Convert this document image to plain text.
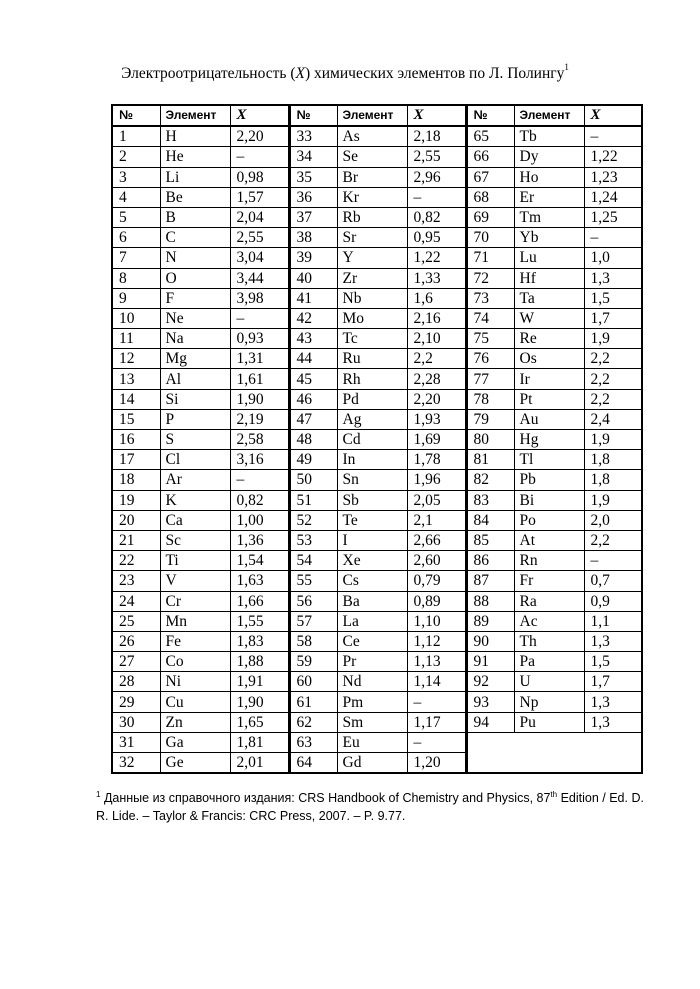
Электроотрицательность (X) химических элементов по Л. Полингу$^1$
№	Элемент	X	№	Элемент	X	№	Элемент	X
1	H	2,20	33	As	2,18	65	Tb	–
2	He	–	34	Se	2,55	66	Dy	1,22
3	Li	0,98	35	Br	2,96	67	Ho	1,23
4	Be	1,57	36	Kr	–	68	Er	1,24
5	B	2,04	37	Rb	0,82	69	Tm	1,25
6	C	2,55	38	Sr	0,95	70	Yb	–
7	N	3,04	39	Y	1,22	71	Lu	1,0
8	O	3,44	40	Zr	1,33	72	Hf	1,3
9	F	3,98	41	Nb	1,6	73	Ta	1,5
10	Ne	–	42	Mo	2,16	74	W	1,7
11	Na	0,93	43	Tc	2,10	75	Re	1,9
12	Mg	1,31	44	Ru	2,2	76	Os	2,2
13	Al	1,61	45	Rh	2,28	77	Ir	2,2
14	Si	1,90	46	Pd	2,20	78	Pt	2,2
15	P	2,19	47	Ag	1,93	79	Au	2,4
16	S	2,58	48	Cd	1,69	80	Hg	1,9
17	Cl	3,16	49	In	1,78	81	Tl	1,8
18	Ar	–	50	Sn	1,96	82	Pb	1,8
19	K	0,82	51	Sb	2,05	83	Bi	1,9
20	Ca	1,00	52	Te	2,1	84	Po	2,0
21	Sc	1,36	53	I	2,66	85	At	2,2
22	Ti	1,54	54	Xe	2,60	86	Rn	–
23	V	1,63	55	Cs	0,79	87	Fr	0,7
24	Cr	1,66	56	Ba	0,89	88	Ra	0,9
25	Mn	1,55	57	La	1,10	89	Ac	1,1
26	Fe	1,83	58	Ce	1,12	90	Th	1,3
27	Co	1,88	59	Pr	1,13	91	Pa	1,5
28	Ni	1,91	60	Nd	1,14	92	U	1,7
29	Cu	1,90	61	Pm	–	93	Np	1,3
30	Zn	1,65	62	Sm	1,17	94	Pu	1,3
31	Ga	1,81	63	Eu	–			
32	Ge	2,01	64	Gd	1,20			
$^1$ Данные из справочного издания: CRS Handbook of Chemistry and Physics, 87th Edition / Ed. D. R. Lide. – Taylor & Francis: CRC Press, 2007. – P. 9.77.
